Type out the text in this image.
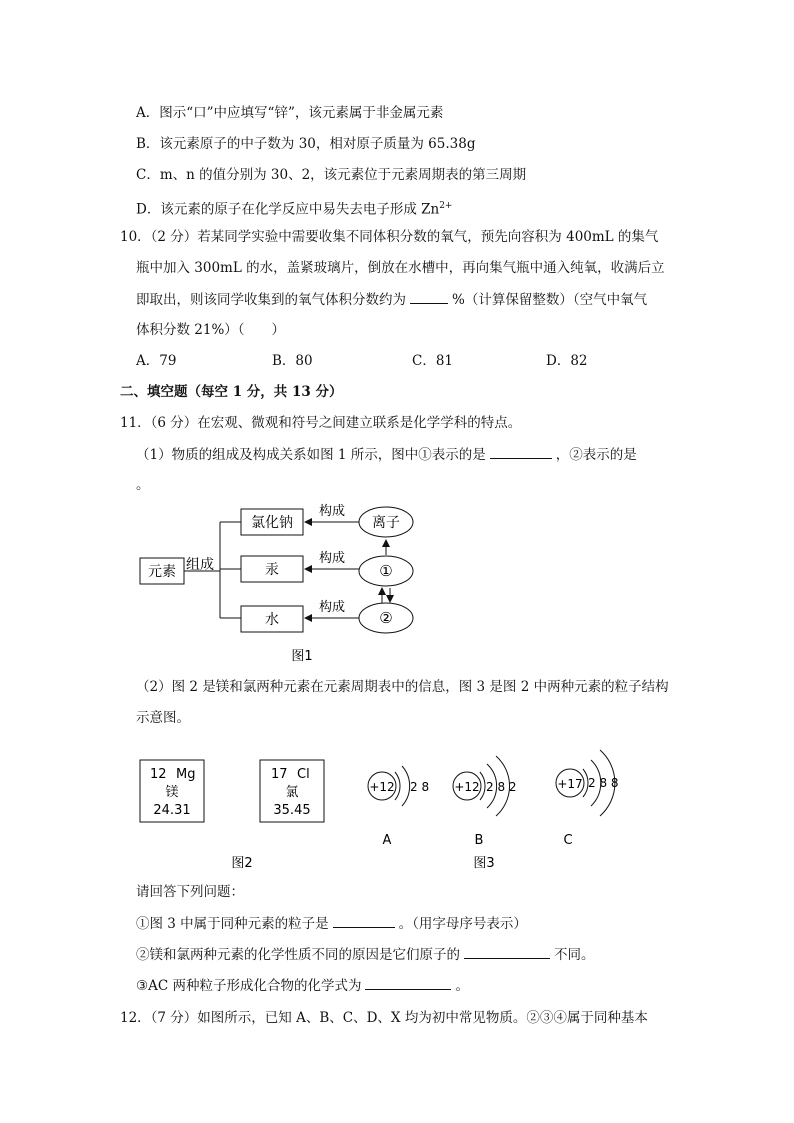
A．图示“口”中应填写“锌”，该元素属于非金属元素
B．该元素原子的中子数为 30，相对原子质量为 65.38g
C．m、n 的值分别为 30、2，该元素位于元素周期表的第三周期
D．该元素的原子在化学反应中易失去电子形成 $Zn^{2+}$
10．（2 分）若某同学实验中需要收集不同体积分数的氧气，预先向容积为 400mL 的集气
瓶中加入 300mL 的水，盖紧玻璃片，倒放在水槽中，再向集气瓶中通入纯氧，收满后立
即取出，则该同学收集到的氧气体积分数约为	%（计算保留整数）（空气中氧气
体积分数 21%）（　　）
A．79	B．80	C．81	D．82
二、填空题（每空 1 分，共 13 分）
11．（6 分）在宏观、微观和符号之间建立联系是化学学科的特点。
（1）物质的组成及构成关系如图 1 所示，图中①表示的是	，②表示的是
。
元素 组成
氯化钠
汞
水
离子
①
②
构成
构成
构成
图1
（2）图 2 是镁和氯两种元素在元素周期表中的信息，图 3 是图 2 中两种元素的粒子结构
示意图。
12 Mg
镁
24.31
17 Cl
氯
35.45
图2
+12 2 8
A
+12 2 8 2
B
+17 2 8 8
C
图3
请回答下列问题：
①图 3 中属于同种元素的粒子是	。（用字母序号表示）
②镁和氯两种元素的化学性质不同的原因是它们原子的	不同。
③AC 两种粒子形成化合物的化学式为	。
12．（7 分）如图所示，已知 A、B、C、D、X 均为初中常见物质。②③④属于同种基本
